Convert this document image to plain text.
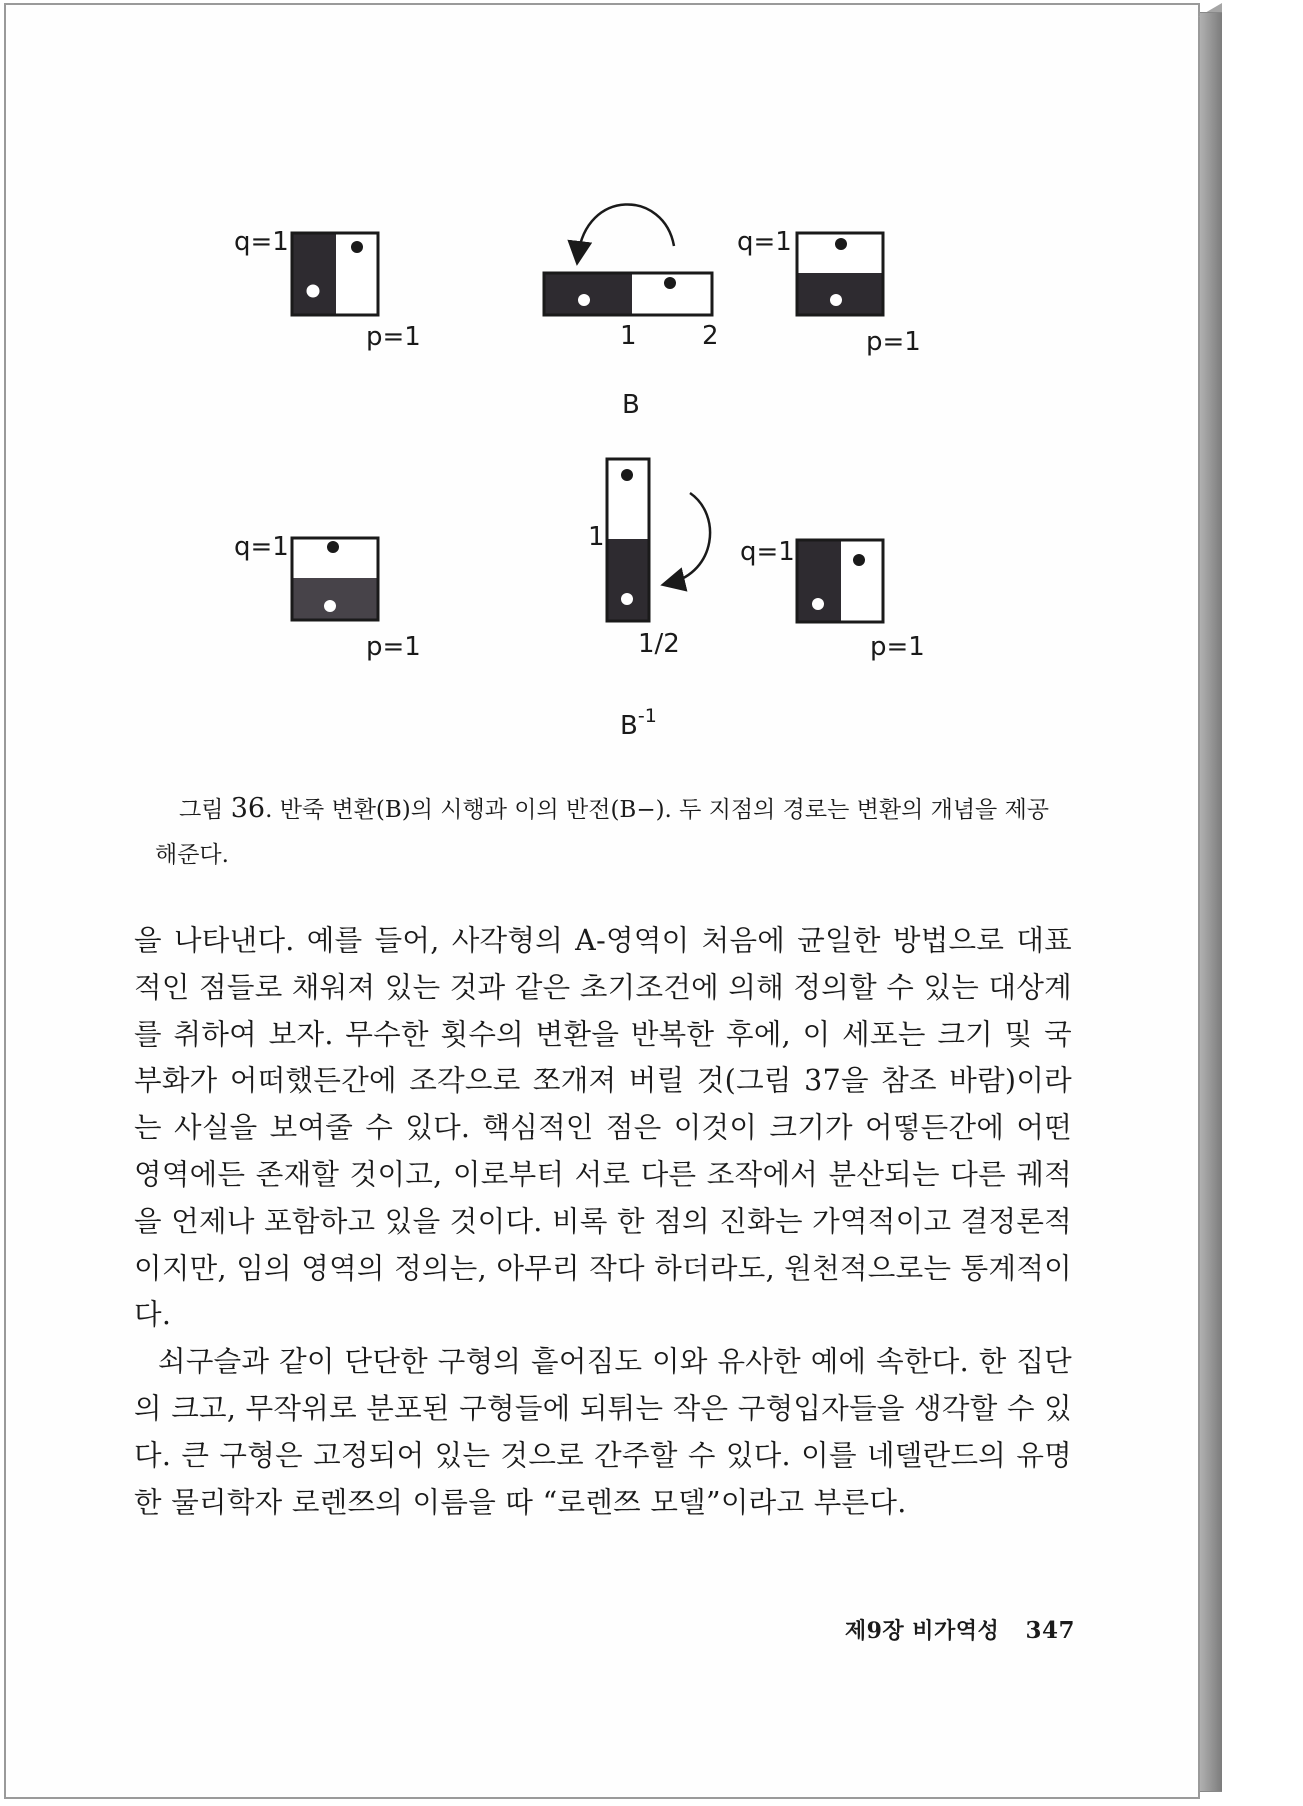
q=1
p=1	1	2
q=1
p=1
B
q=1
p=1
1
1/2
q=1
p=1
$B^{-1}$
그림 36. 반죽 변환(B)의 시행과 이의 반전(B−). 두 지점의 경로는 변환의 개념을 제공해준다.

을 나타낸다. 예를 들어, 사각형의 A-영역이 처음에 균일한 방법으로 대표적인 점들로 채워져 있는 것과 같은 초기조건에 의해 정의할 수 있는 대상계를 취하여 보자. 무수한 횟수의 변환을 반복한 후에, 이 세포는 크기 및 국부화가 어떠했든간에 조각으로 쪼개져 버릴 것(그림 37을 참조 바람)이라는 사실을 보여줄 수 있다. 핵심적인 점은 이것이 크기가 어떻든간에 어떤 영역에든 존재할 것이고, 이로부터 서로 다른 조작에서 분산되는 다른 궤적을 언제나 포함하고 있을 것이다. 비록 한 점의 진화는 가역적이고 결정론적이지만, 임의 영역의 정의는, 아무리 작다 하더라도, 원천적으로는 통계적이다.

쇠구슬과 같이 단단한 구형의 흩어짐도 이와 유사한 예에 속한다. 한 집단의 크고, 무작위로 분포된 구형들에 되튀는 작은 구형입자들을 생각할 수 있다. 큰 구형은 고정되어 있는 것으로 간주할 수 있다. 이를 네델란드의 유명한 물리학자 로렌쯔의 이름을 따 “로렌쯔 모델”이라고 부른다.

제9장 비가역성 347
